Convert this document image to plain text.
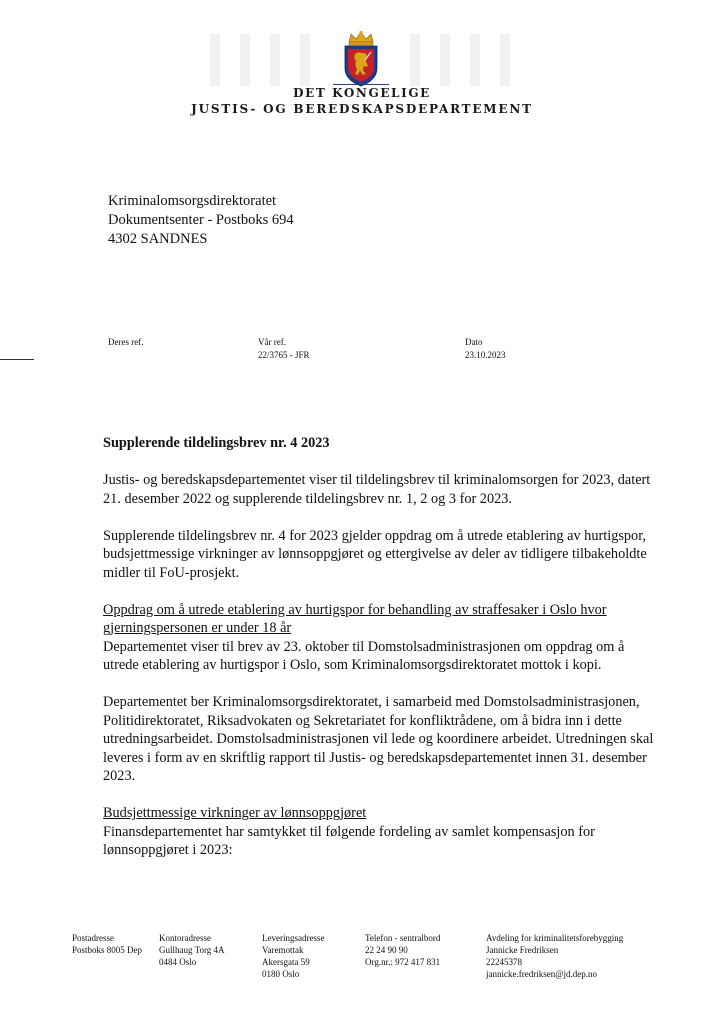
DET KONGELIGE
JUSTIS- OG BEREDSKAPSDEPARTEMENT
Kriminalomsorgsdirektoratet
Dokumentsenter - Postboks 694
4302 SANDNES
Deres ref.	Vår ref.
22/3765 - JFR
Dato
23.10.2023

Supplerende tildelingsbrev nr. 4 2023

Justis- og beredskapsdepartementet viser til tildelingsbrev til kriminalomsorgen for 2023, datert 21. desember 2022 og supplerende tildelingsbrev nr. 1, 2 og 3 for 2023.

Supplerende tildelingsbrev nr. 4 for 2023 gjelder oppdrag om å utrede etablering av hurtigspor, budsjettmessige virkninger av lønnsoppgjøret og ettergivelse av deler av tidligere tilbakeholdte midler til FoU-prosjekt.

Oppdrag om å utrede etablering av hurtigspor for behandling av straffesaker i Oslo hvor gjerningspersonen er under 18 år

Departementet viser til brev av 23. oktober til Domstolsadministrasjonen om oppdrag om å utrede etablering av hurtigspor i Oslo, som Kriminalomsorgsdirektoratet mottok i kopi.

Departementet ber Kriminalomsorgsdirektoratet, i samarbeid med Domstolsadministrasjonen, Politidirektoratet, Riksadvokaten og Sekretariatet for konfliktrådene, om å bidra inn i dette utredningsarbeidet. Domstolsadministrasjonen vil lede og koordinere arbeidet. Utredningen skal leveres i form av en skriftlig rapport til Justis- og beredskapsdepartementet innen 31. desember 2023.

Budsjettmessige virkninger av lønnsoppgjøret

Finansdepartementet har samtykket til følgende fordeling av samlet kompensasjon for lønnsoppgjøret i 2023:

Postadresse
Postboks 8005 Dep
Kontoradresse
Gullhaug Torg 4A
0484 Oslo
Leveringsadresse
Varemottak
Akersgata 59
0180 Oslo
Telefon - sentralbord
22 24 90 90
Org.nr.: 972 417 831
Avdeling for kriminalitetsforebygging
Jannicke Fredriksen
22245378
jannicke.fredriksen@jd.dep.no
